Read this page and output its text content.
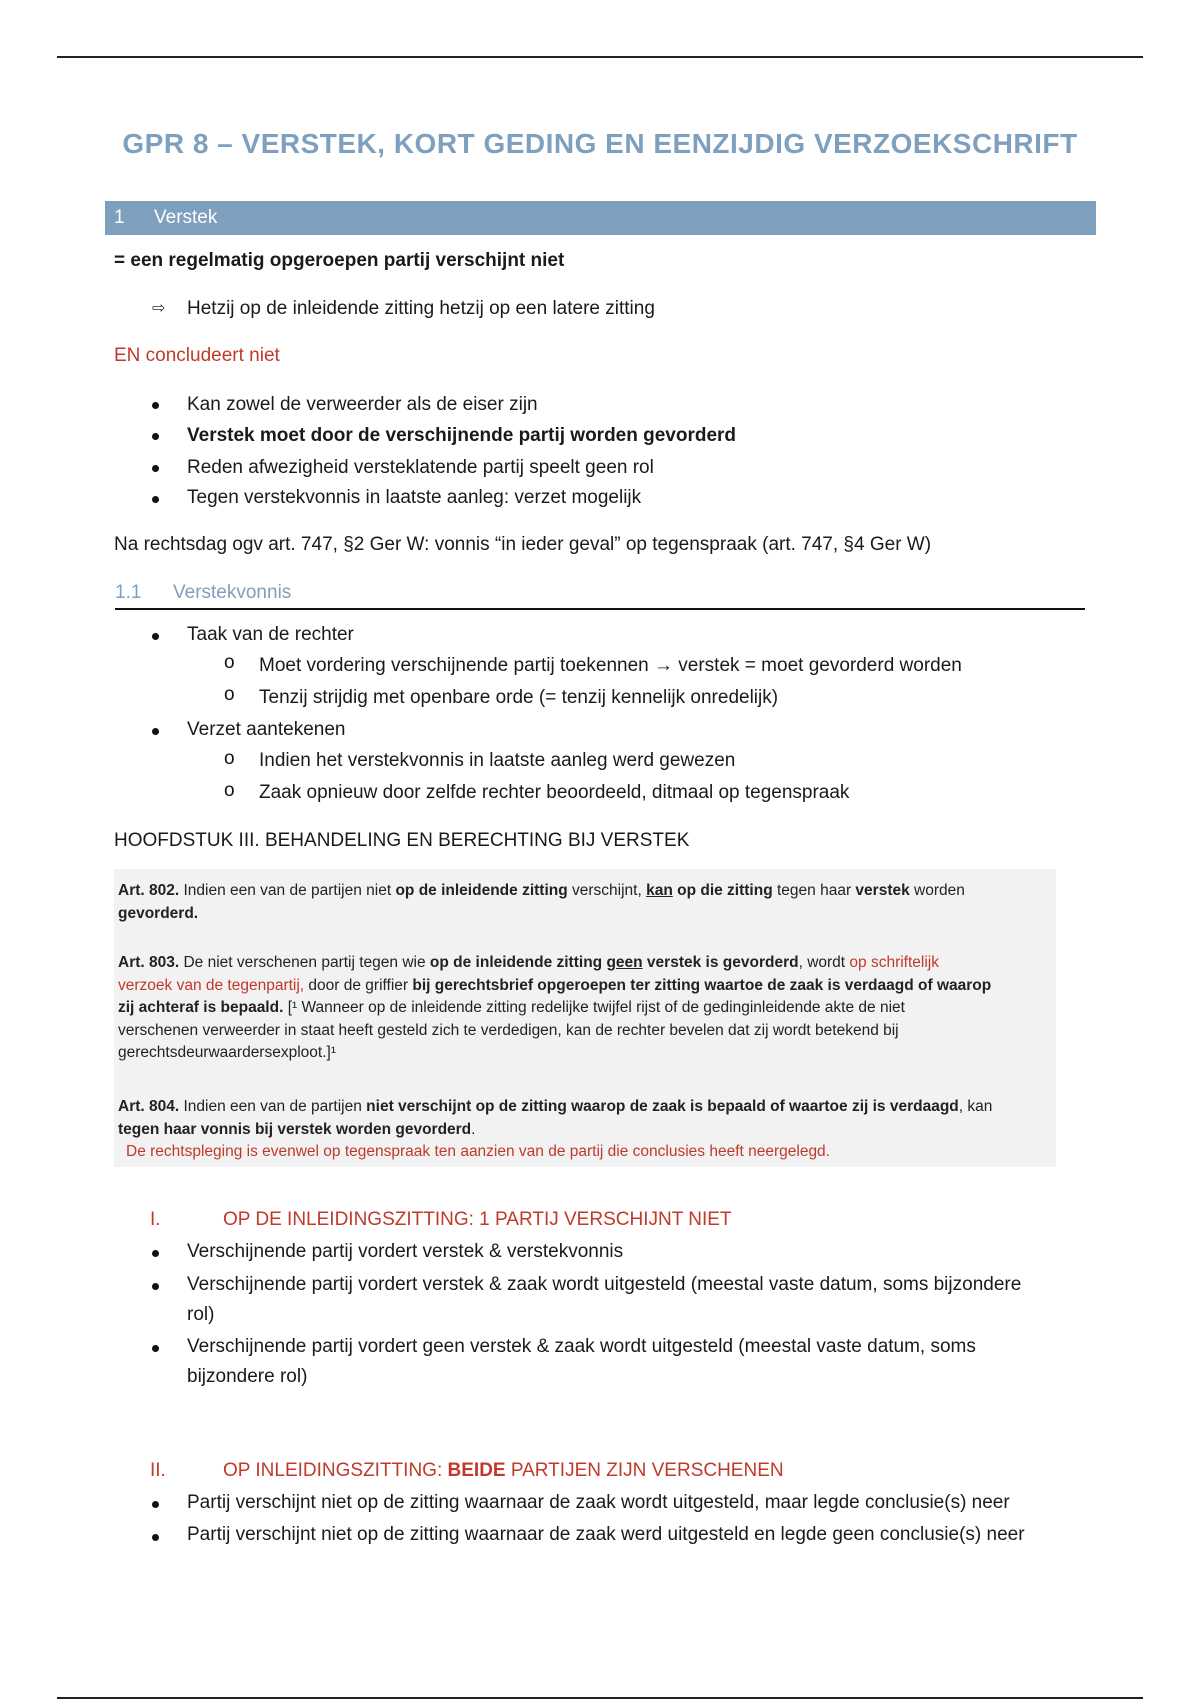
GPR 8 – VERSTEK, KORT GEDING EN EENZIJDIG VERZOEKSCHRIFT
1 Verstek
= een regelmatig opgeroepen partij verschijnt niet
⇨ Hetzij op de inleidende zitting hetzij op een latere zitting
EN concludeert niet
Kan zowel de verweerder als de eiser zijn
Verstek moet door de verschijnende partij worden gevorderd
Reden afwezigheid versteklatende partij speelt geen rol
Tegen verstekvonnis in laatste aanleg: verzet mogelijk
Na rechtsdag ogv art. 747, §2 Ger W: vonnis “in ieder geval” op tegenspraak (art. 747, §4 Ger W)
1.1 Verstekvonnis
Taak van de rechter
o Moet vordering verschijnende partij toekennen → verstek = moet gevorderd worden
o Tenzij strijdig met openbare orde (= tenzij kennelijk onredelijk)
Verzet aantekenen
o Indien het verstekvonnis in laatste aanleg werd gewezen
o Zaak opnieuw door zelfde rechter beoordeeld, ditmaal op tegenspraak
HOOFDSTUK III. BEHANDELING EN BERECHTING BIJ VERSTEK
Art. 802. Indien een van de partijen niet op de inleidende zitting verschijnt, kan op die zitting tegen haar verstek worden
gevorderd.
Art. 803. De niet verschenen partij tegen wie op de inleidende zitting geen verstek is gevorderd, wordt op schriftelijk
verzoek van de tegenpartij, door de griffier bij gerechtsbrief opgeroepen ter zitting waartoe de zaak is verdaagd of waarop
zij achteraf is bepaald. [¹ Wanneer op de inleidende zitting redelijke twijfel rijst of de gedinginleidende akte de niet
verschenen verweerder in staat heeft gesteld zich te verdedigen, kan de rechter bevelen dat zij wordt betekend bij
gerechtsdeurwaardersexploot.]¹
Art. 804. Indien een van de partijen niet verschijnt op de zitting waarop de zaak is bepaald of waartoe zij is verdaagd, kan
tegen haar vonnis bij verstek worden gevorderd.
De rechtspleging is evenwel op tegenspraak ten aanzien van de partij die conclusies heeft neergelegd.
I.	OP DE INLEIDINGSZITTING: 1 PARTIJ VERSCHIJNT NIET
Verschijnende partij vordert verstek & verstekvonnis
Verschijnende partij vordert verstek & zaak wordt uitgesteld (meestal vaste datum, soms bijzondere
rol)
Verschijnende partij vordert geen verstek & zaak wordt uitgesteld (meestal vaste datum, soms
bijzondere rol)
II.	OP INLEIDINGSZITTING: BEIDE PARTIJEN ZIJN VERSCHENEN
Partij verschijnt niet op de zitting waarnaar de zaak wordt uitgesteld, maar legde conclusie(s) neer
Partij verschijnt niet op de zitting waarnaar de zaak werd uitgesteld en legde geen conclusie(s) neer
